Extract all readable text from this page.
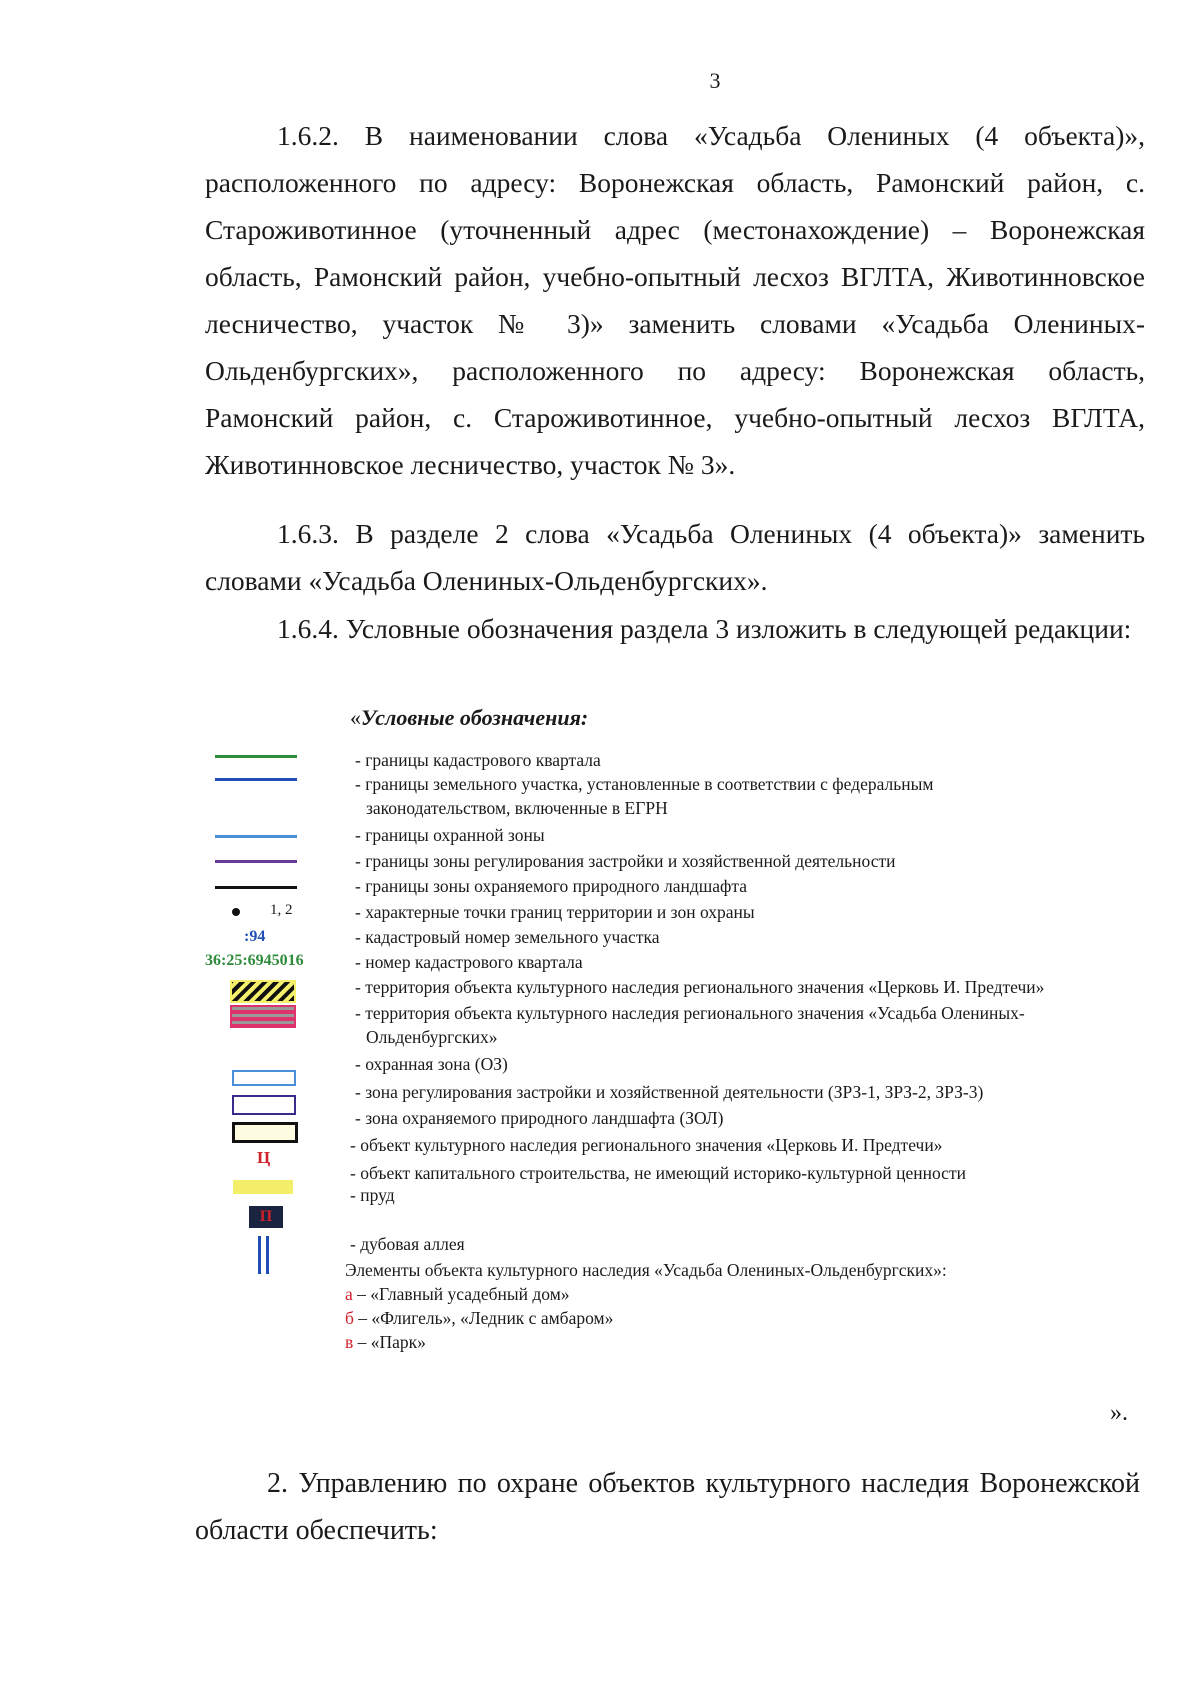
3

1.6.2. В наименовании слова «Усадьба Олениных (4 объекта)», расположенного по адресу: Воронежская область, Рамонский район, с. Староживотинное (уточненный адрес (местонахождение) – Воронежская область, Рамонский район, учебно-опытный лесхоз ВГЛТА, Животинновское лесничество, участок № 3)» заменить словами «Усадьба Олениных-Ольденбургских», расположенного по адресу: Воронежская область, Рамонский район, с. Староживотинное, учебно-опытный лесхоз ВГЛТА, Животинновское лесничество, участок № 3».

1.6.3. В разделе 2 слова «Усадьба Олениных (4 объекта)» заменить словами «Усадьба Олениных-Ольденбургских».

1.6.4. Условные обозначения раздела 3 изложить в следующей редакции:

«Условные обозначения:
1, 2
:94
36:25:6945016
Ц
П
- границы кадастрового квартала
- границы земельного участка, установленные в соответствии с федеральным
законодательством, включенные в ЕГРН
- границы охранной зоны
- границы зоны регулирования застройки и хозяйственной деятельности
- границы зоны охраняемого природного ландшафта
- характерные точки границ территории и зон охраны
- кадастровый номер земельного участка
- номер кадастрового квартала
- территория объекта культурного наследия регионального значения «Церковь И. Предтечи»
- территория объекта культурного наследия регионального значения «Усадьба Олениных-
Ольденбургских»
- охранная зона (ОЗ)
- зона регулирования застройки и хозяйственной деятельности (ЗРЗ-1, ЗРЗ-2, ЗРЗ-3)
- зона охраняемого природного ландшафта (ЗОЛ)
- объект культурного наследия регионального значения «Церковь И. Предтечи»
- объект капитального строительства, не имеющий историко-культурной ценности
- пруд
- дубовая аллея
Элементы объекта культурного наследия «Усадьба Олениных-Ольденбургских»:
а – «Главный усадебный дом»
б – «Флигель», «Ледник с амбаром»
в – «Парк»
».

2. Управлению по охране объектов культурного наследия Воронежской области обеспечить:
